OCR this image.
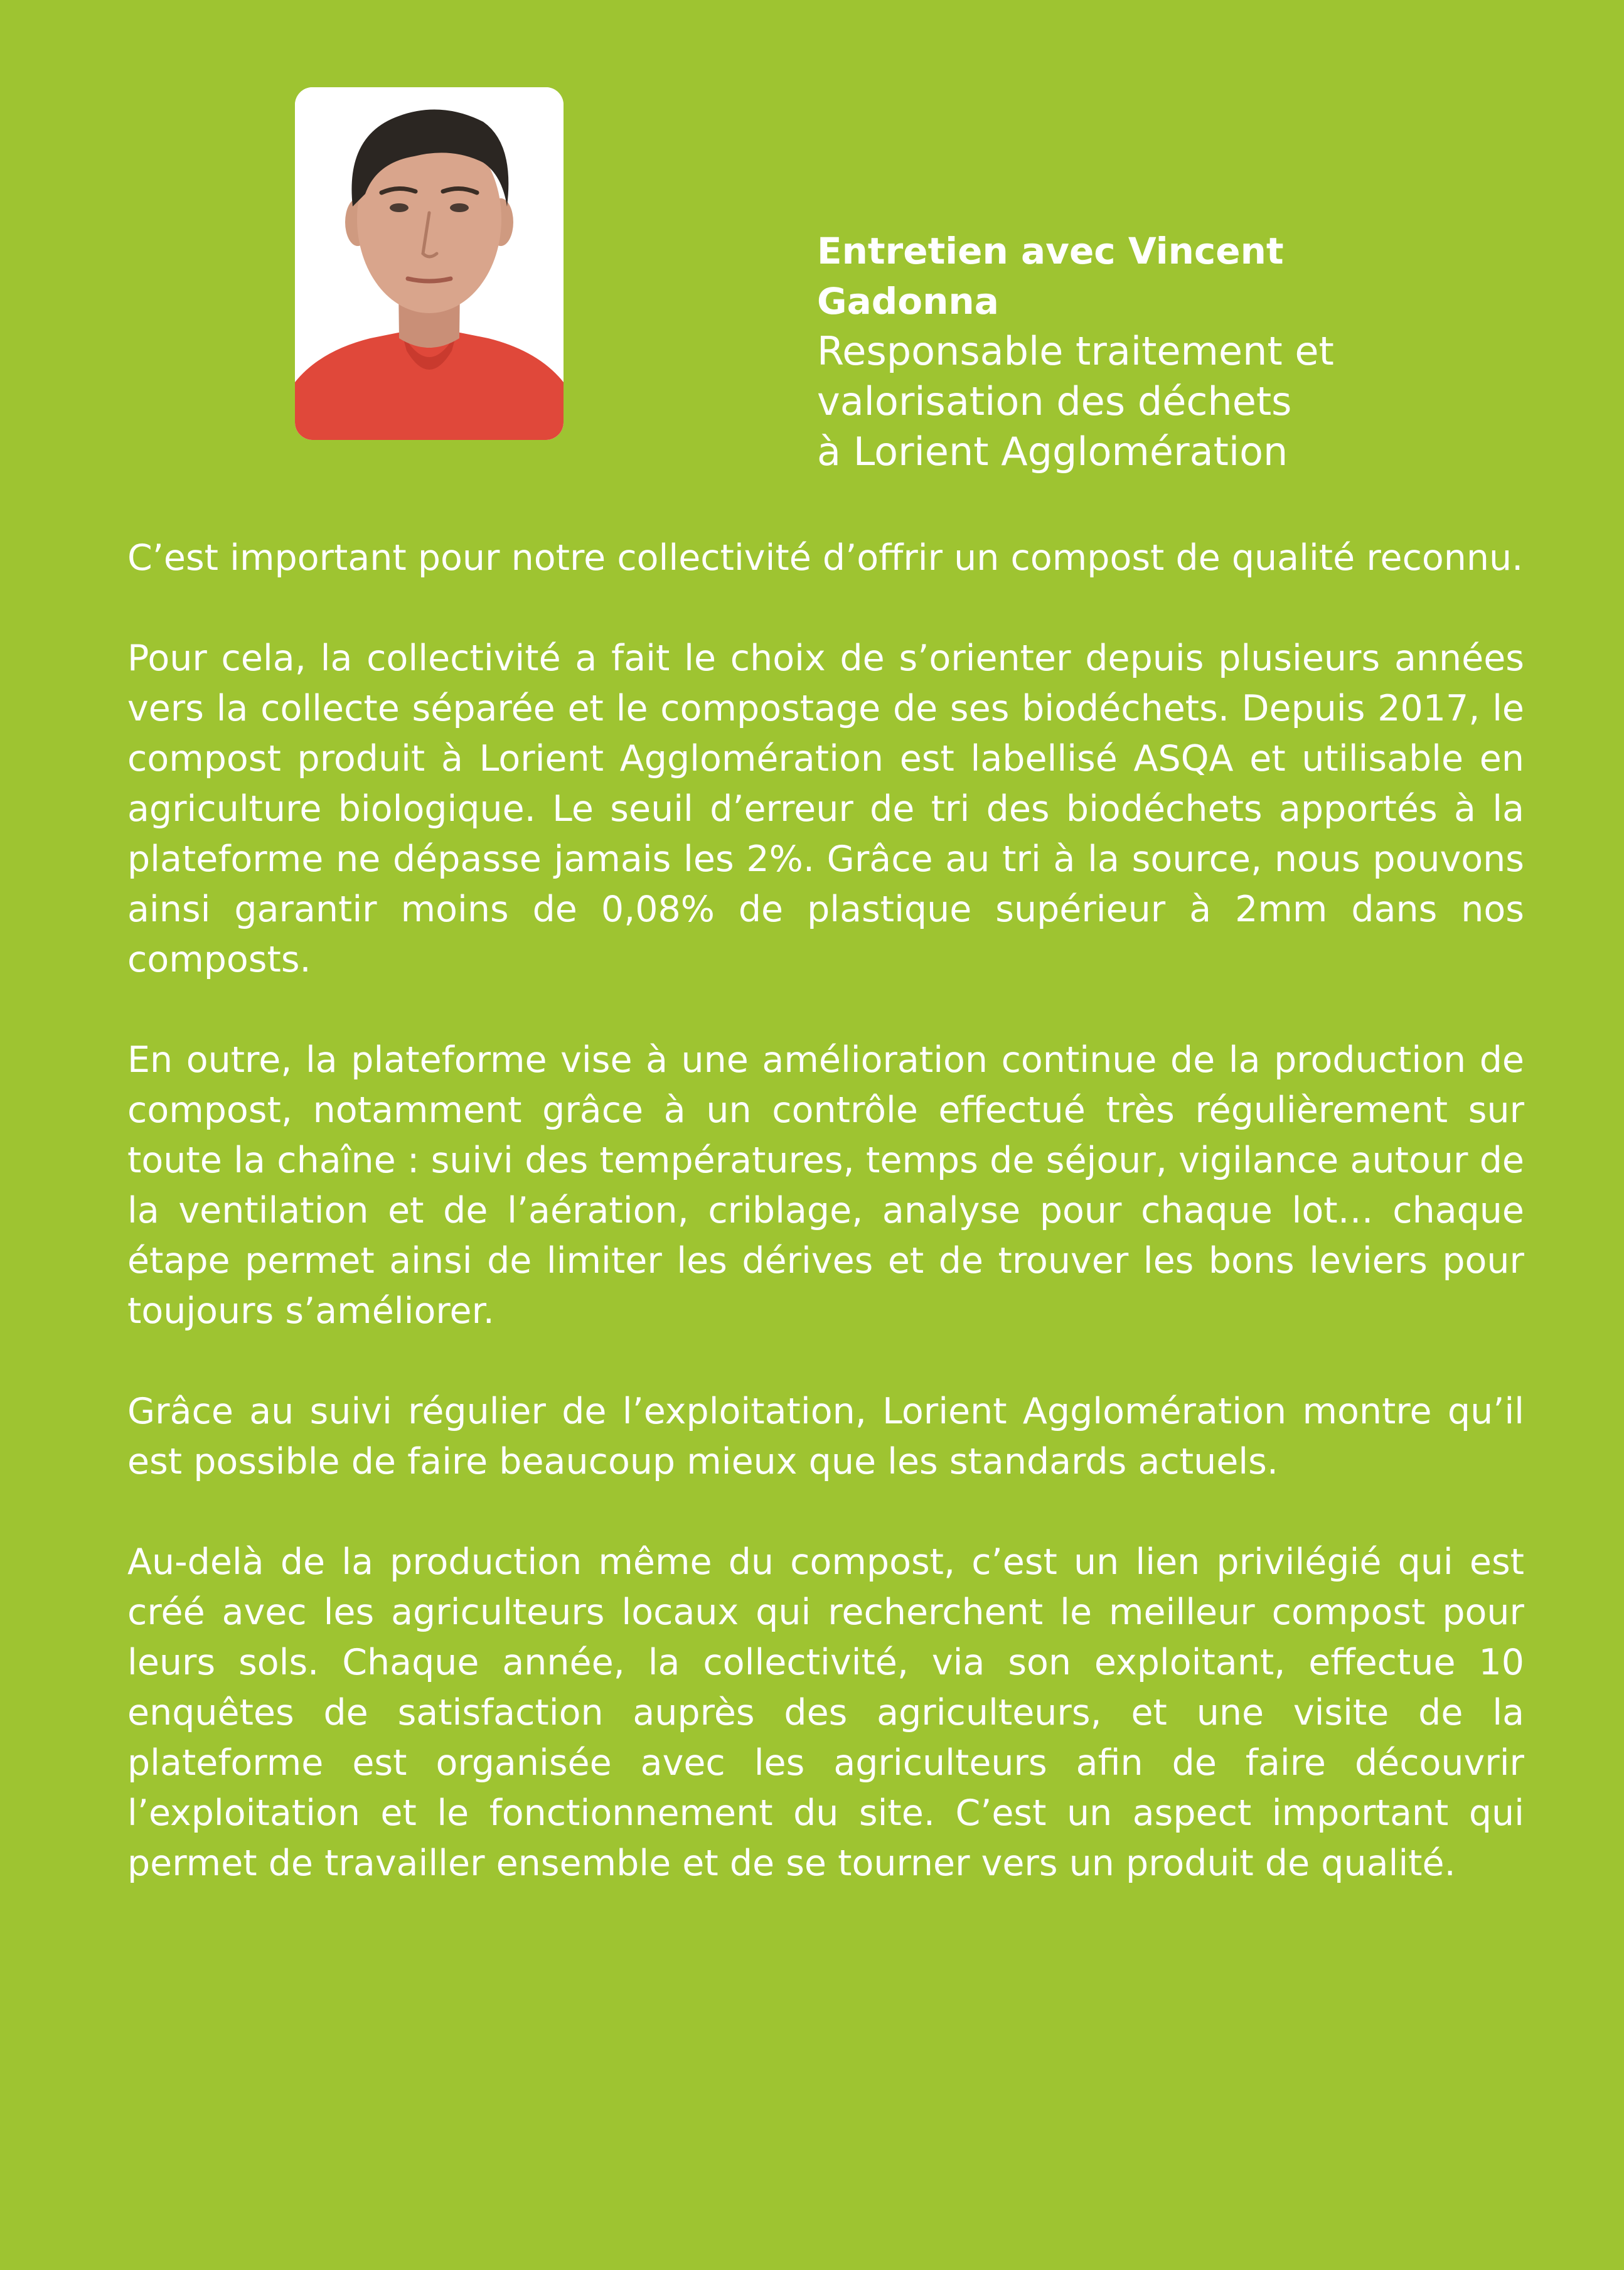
Entretien avec Vincent Gadonna
Responsable traitement et
valorisation des déchets
à Lorient Agglomération

C’est important pour notre collectivité d’offrir un compost de qualité reconnu.

Pour cela, la collectivité a fait le choix de s’orienter depuis plusieurs années vers la collecte séparée et le compostage de ses biodéchets. Depuis 2017, le compost produit à Lorient Agglomération est labellisé ASQA et utilisable en agriculture biologique. Le seuil d’erreur de tri des biodéchets apportés à la plateforme ne dépasse jamais les 2%. Grâce au tri à la source, nous pouvons ainsi garantir moins de 0,08% de plastique supérieur à 2mm dans nos composts.

En outre, la plateforme vise à une amélioration continue de la production de compost, notamment grâce à un contrôle effectué très régulièrement sur toute la chaîne : suivi des températures, temps de séjour, vigilance autour de la ventilation et de l’aération, criblage, analyse pour chaque lot… chaque étape permet ainsi de limiter les dérives et de trouver les bons leviers pour toujours s’améliorer.

Grâce au suivi régulier de l’exploitation, Lorient Agglomération montre qu’il est possible de faire beaucoup mieux que les standards actuels.

Au-delà de la production même du compost, c’est un lien privilégié qui est créé avec les agriculteurs locaux qui recherchent le meilleur compost pour leurs sols. Chaque année, la collectivité, via son exploitant, effectue 10 enquêtes de satisfaction auprès des agriculteurs, et une visite de la plateforme est organisée avec les agriculteurs afin de faire découvrir l’exploitation et le fonctionnement du site. C’est un aspect important qui permet de travailler ensemble et de se tourner vers un produit de qualité.
